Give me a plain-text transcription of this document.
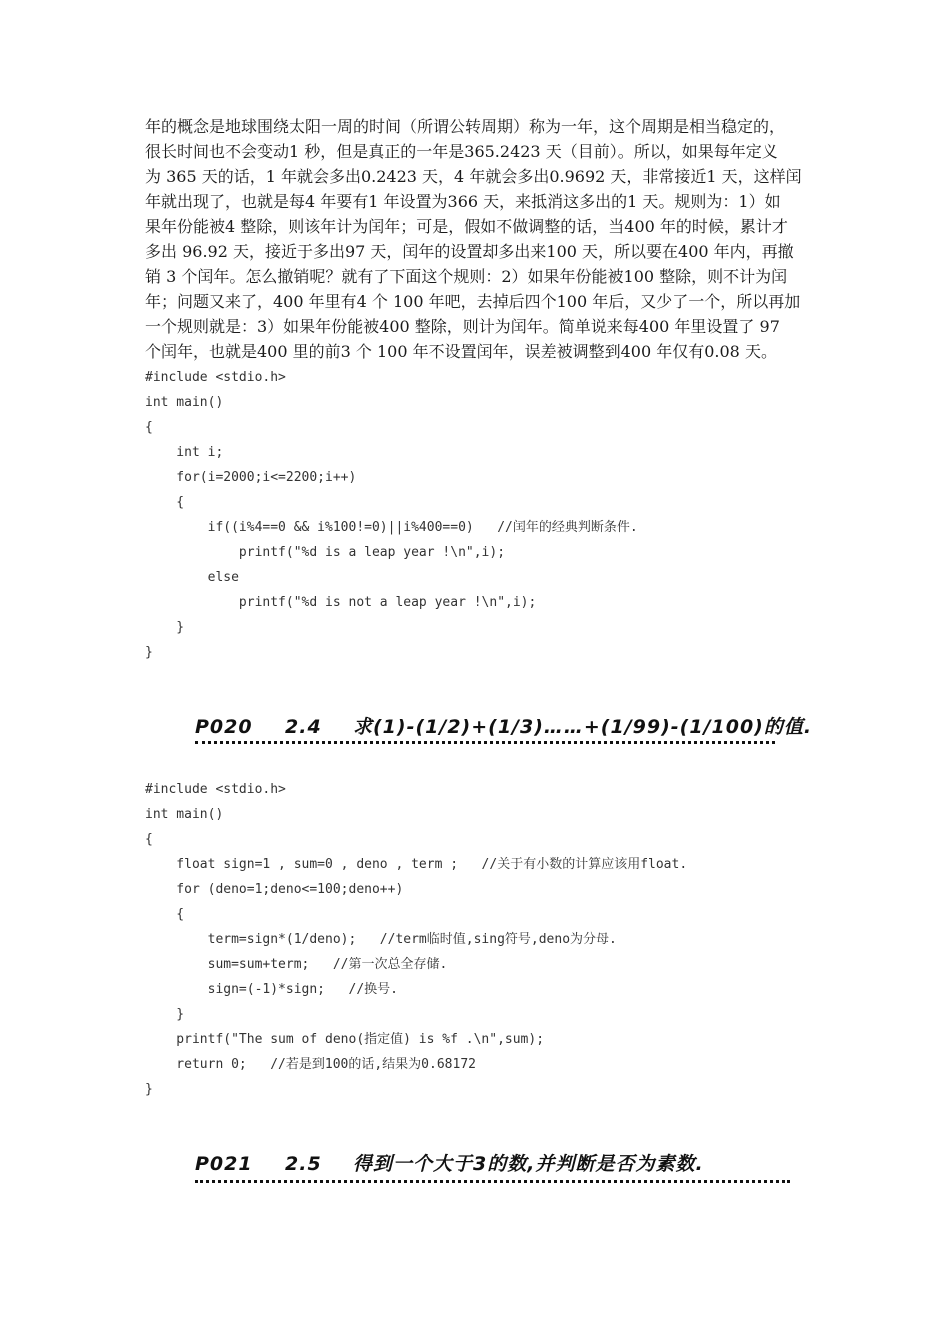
年的概念是地球围绕太阳一周的时间（所谓公转周期）称为一年，这个周期是相当稳定的，
很长时间也不会变动1 秒，但是真正的一年是365.2423 天（目前）。所以，如果每年定义
为 365 天的话，1 年就会多出0.2423 天，4 年就会多出0.9692 天，非常接近1 天，这样闰
年就出现了，也就是每4 年要有1 年设置为366 天，来抵消这多出的1 天。规则为：1）如
果年份能被4 整除，则该年计为闰年；可是，假如不做调整的话，当400 年的时候，累计才
多出 96.92 天，接近于多出97 天，闰年的设置却多出来100 天，所以要在400 年内，再撤
销 3 个闰年。怎么撤销呢？就有了下面这个规则：2）如果年份能被100 整除，则不计为闰
年；问题又来了，400 年里有4 个 100 年吧，去掉后四个100 年后，又少了一个，所以再加
一个规则就是：3）如果年份能被400 整除，则计为闰年。简单说来每400 年里设置了 97
个闰年，也就是400 里的前3 个 100 年不设置闰年，误差被调整到400 年仅有0.08 天。
#include <stdio.h>
int main()
{
int i;
for(i=2000;i<=2200;i++)
{
if((i%4==0 && i%100!=0)||i%400==0)   //闰年的经典判断条件.
printf("%d is a leap year !\n",i);
else
printf("%d is not a leap year !\n",i);
}
}
P020 2.4 求(1)-(1/2)+(1/3)……+(1/99)-(1/100)的值.
#include <stdio.h>
int main()
{
float sign=1 , sum=0 , deno , term ;   //关于有小数的计算应该用float.
for (deno=1;deno<=100;deno++)
{
term=sign*(1/deno);   //term临时值,sing符号,deno为分母.
sum=sum+term;   //第一次总全存储.
sign=(-1)*sign;   //换号.
}
printf("The sum of deno(指定值) is %f .\n",sum);
return 0;   //若是到100的话,结果为0.68172
}
P021 2.5 得到一个大于3的数,并判断是否为素数.
